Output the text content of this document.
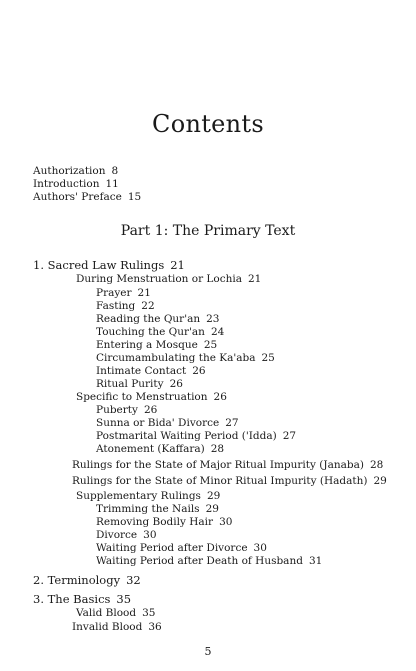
Contents
Authorization 8
Introduction 11
Authors' Preface 15
Part 1: The Primary Text
1. Sacred Law Rulings 21
During Menstruation or Lochia 21
Prayer 21
Fasting 22
Reading the Qur'an 23
Touching the Qur'an 24
Entering a Mosque 25
Circumambulating the Ka'aba 25
Intimate Contact 26
Ritual Purity 26
Specific to Menstruation 26
Puberty 26
Sunna or Bida' Divorce 27
Postmarital Waiting Period ('Idda) 27
Atonement (Kaffara) 28
Rulings for the State of Major Ritual Impurity (Janaba) 28
Rulings for the State of Minor Ritual Impurity (Hadath) 29
Supplementary Rulings 29
Trimming the Nails 29
Removing Bodily Hair 30
Divorce 30
Waiting Period after Divorce 30
Waiting Period after Death of Husband 31
2. Terminology 32
3. The Basics 35
Valid Blood 35
Invalid Blood 36
5
